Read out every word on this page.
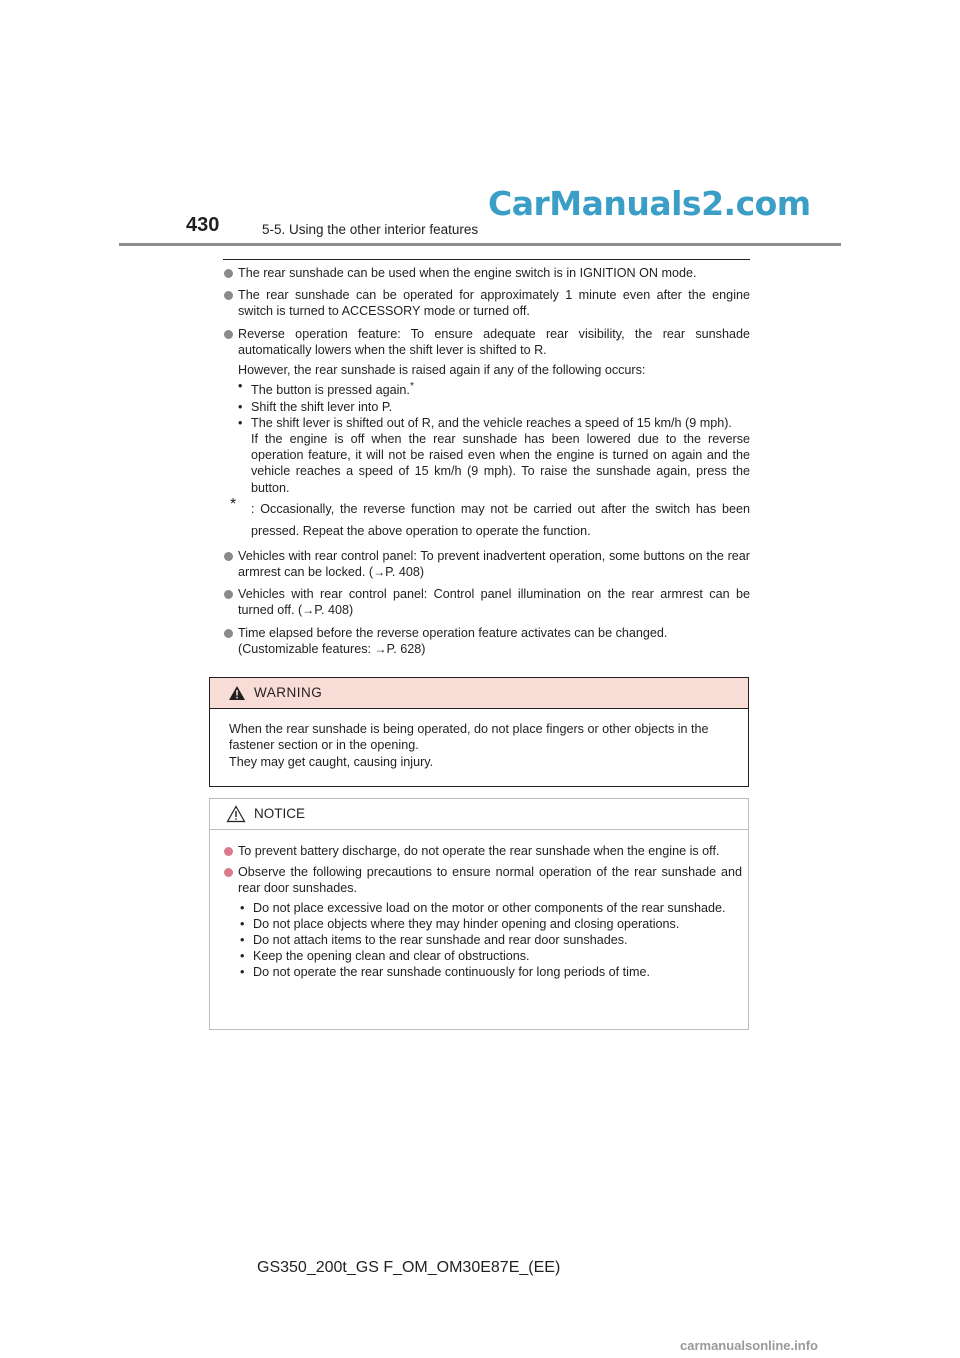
CarManuals2.com
430	5-5. Using the other interior features
The rear sunshade can be used when the engine switch is in IGNITION ON mode.
The rear sunshade can be operated for approximately 1 minute even after the engine switch is turned to ACCESSORY mode or turned off.
Reverse operation feature: To ensure adequate rear visibility, the rear sunshade automatically lowers when the shift lever is shifted to R.
However, the rear sunshade is raised again if any of the following occurs:
• The button is pressed again.*
• Shift the shift lever into P.
• The shift lever is shifted out of R, and the vehicle reaches a speed of 15 km/h (9 mph).
If the engine is off when the rear sunshade has been lowered due to the reverse operation feature, it will not be raised even when the engine is turned on again and the vehicle reaches a speed of 15 km/h (9 mph). To raise the sunshade again, press the button.
* : Occasionally, the reverse function may not be carried out after the switch has been pressed. Repeat the above operation to operate the function.
Vehicles with rear control panel: To prevent inadvertent operation, some buttons on the rear armrest can be locked. (→P. 408)
Vehicles with rear control panel: Control panel illumination on the rear armrest can be turned off. (→P. 408)
Time elapsed before the reverse operation feature activates can be changed.
(Customizable features: →P. 628)
WARNING
When the rear sunshade is being operated, do not place fingers or other objects in the fastener section or in the opening.
They may get caught, causing injury.
NOTICE
To prevent battery discharge, do not operate the rear sunshade when the engine is off.
Observe the following precautions to ensure normal operation of the rear sunshade and rear door sunshades.
• Do not place excessive load on the motor or other components of the rear sunshade.
• Do not place objects where they may hinder opening and closing operations.
• Do not attach items to the rear sunshade and rear door sunshades.
• Keep the opening clean and clear of obstructions.
• Do not operate the rear sunshade continuously for long periods of time.
GS350_200t_GS F_OM_OM30E87E_(EE)
carmanualsonline.info
